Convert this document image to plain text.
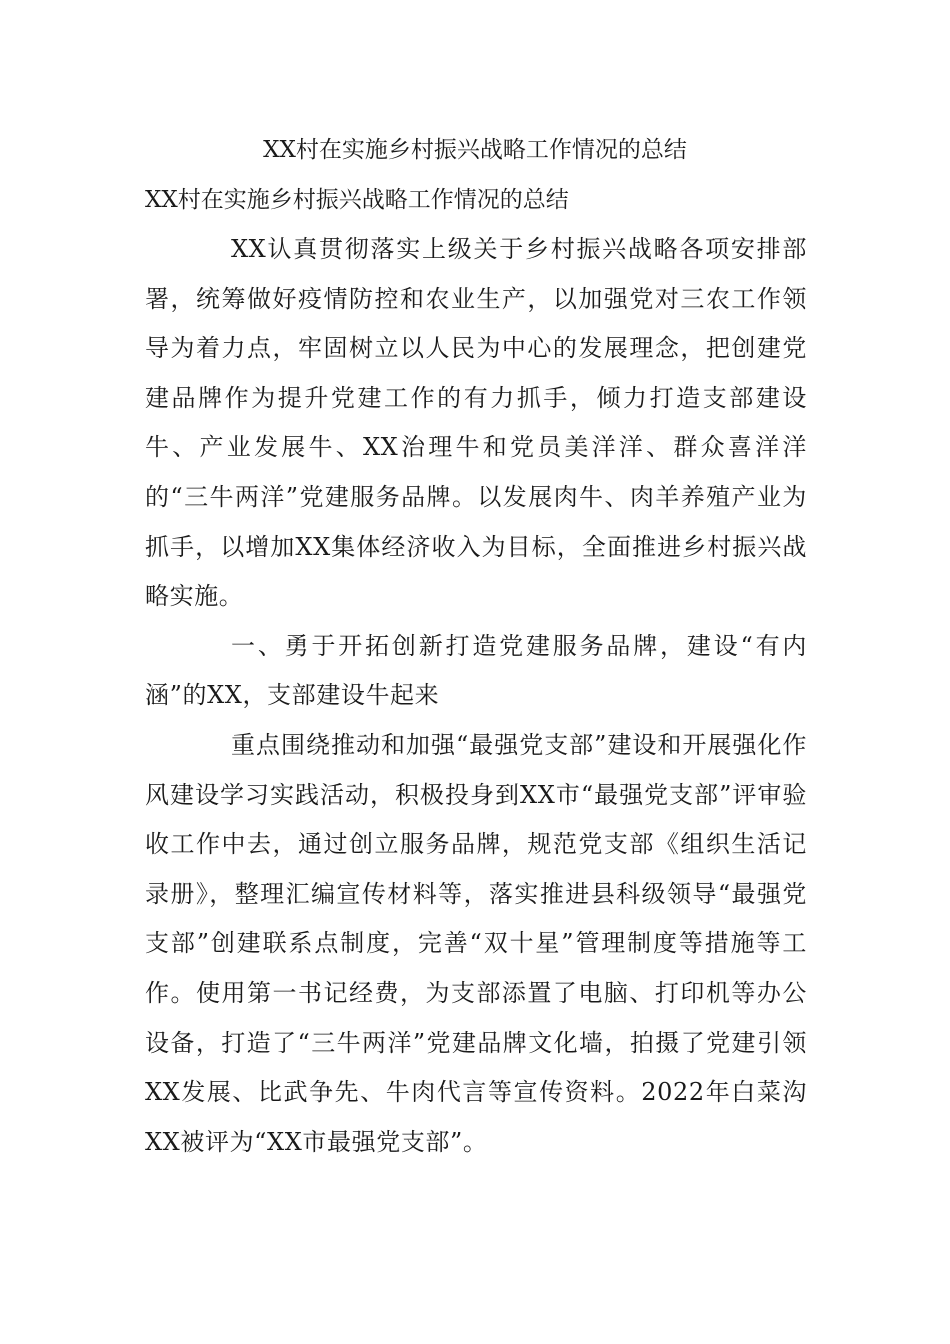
XX村在实施乡村振兴战略工作情况的总结
XX村在实施乡村振兴战略工作情况的总结

XX认真贯彻落实上级关于乡村振兴战略各项安排部署，统筹做好疫情防控和农业生产，以加强党对三农工作领导为着力点，牢固树立以人民为中心的发展理念，把创建党建品牌作为提升党建工作的有力抓手，倾力打造支部建设牛、产业发展牛、XX治理牛和党员美洋洋、群众喜洋洋的“三牛两洋”党建服务品牌。以发展肉牛、肉羊养殖产业为抓手，以增加XX集体经济收入为目标，全面推进乡村振兴战略实施。

一、勇于开拓创新打造党建服务品牌，建设“有内涵”的XX，支部建设牛起来

重点围绕推动和加强“最强党支部”建设和开展强化作风建设学习实践活动，积极投身到XX市“最强党支部”评审验收工作中去，通过创立服务品牌，规范党支部《组织生活记录册》，整理汇编宣传材料等，落实推进县科级领导“最强党支部”创建联系点制度，完善“双十星”管理制度等措施等工作。使用第一书记经费，为支部添置了电脑、打印机等办公设备，打造了“三牛两洋”党建品牌文化墙，拍摄了党建引领XX发展、比武争先、牛肉代言等宣传资料。2022年白菜沟XX被评为“XX市最强党支部”。
